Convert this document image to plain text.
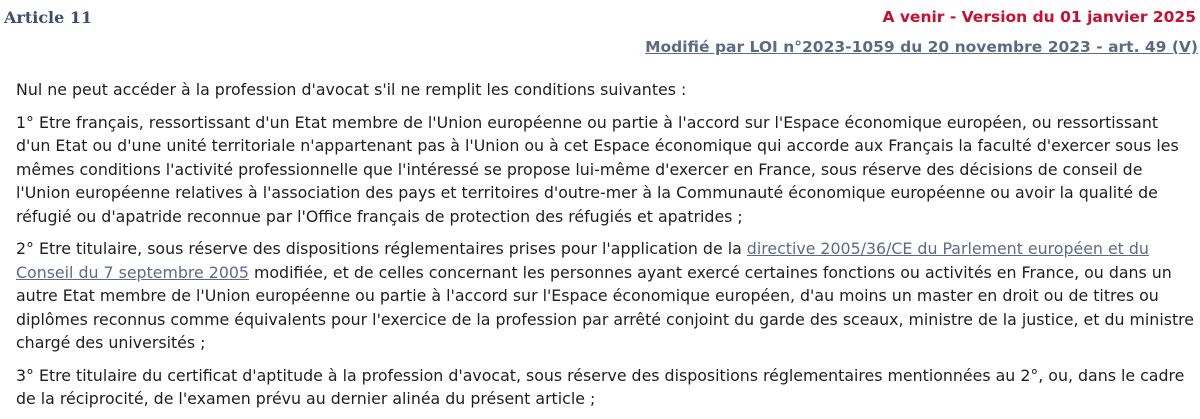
Article 11	A venir - Version du 01 janvier 2025
Modifié par LOI n°2023-1059 du 20 novembre 2023 - art. 49 (V)

Nul ne peut accéder à la profession d'avocat s'il ne remplit les conditions suivantes :

1° Etre français, ressortissant d'un Etat membre de l'Union européenne ou partie à l'accord sur l'Espace économique européen, ou ressortissant d'un Etat ou d'une unité territoriale n'appartenant pas à l'Union ou à cet Espace économique qui accorde aux Français la faculté d'exercer sous les mêmes conditions l'activité professionnelle que l'intéressé se propose lui-même d'exercer en France, sous réserve des décisions de conseil de l'Union européenne relatives à l'association des pays et territoires d'outre-mer à la Communauté économique européenne ou avoir la qualité de réfugié ou d'apatride reconnue par l'Office français de protection des réfugiés et apatrides ;

2° Etre titulaire, sous réserve des dispositions réglementaires prises pour l'application de la directive 2005/36/CE du Parlement européen et du Conseil du 7 septembre 2005 modifiée, et de celles concernant les personnes ayant exercé certaines fonctions ou activités en France, ou dans un autre Etat membre de l'Union européenne ou partie à l'accord sur l'Espace économique européen, d'au moins un master en droit ou de titres ou diplômes reconnus comme équivalents pour l'exercice de la profession par arrêté conjoint du garde des sceaux, ministre de la justice, et du ministre chargé des universités ;

3° Etre titulaire du certificat d'aptitude à la profession d'avocat, sous réserve des dispositions réglementaires mentionnées au 2°, ou, dans le cadre de la réciprocité, de l'examen prévu au dernier alinéa du présent article ;
